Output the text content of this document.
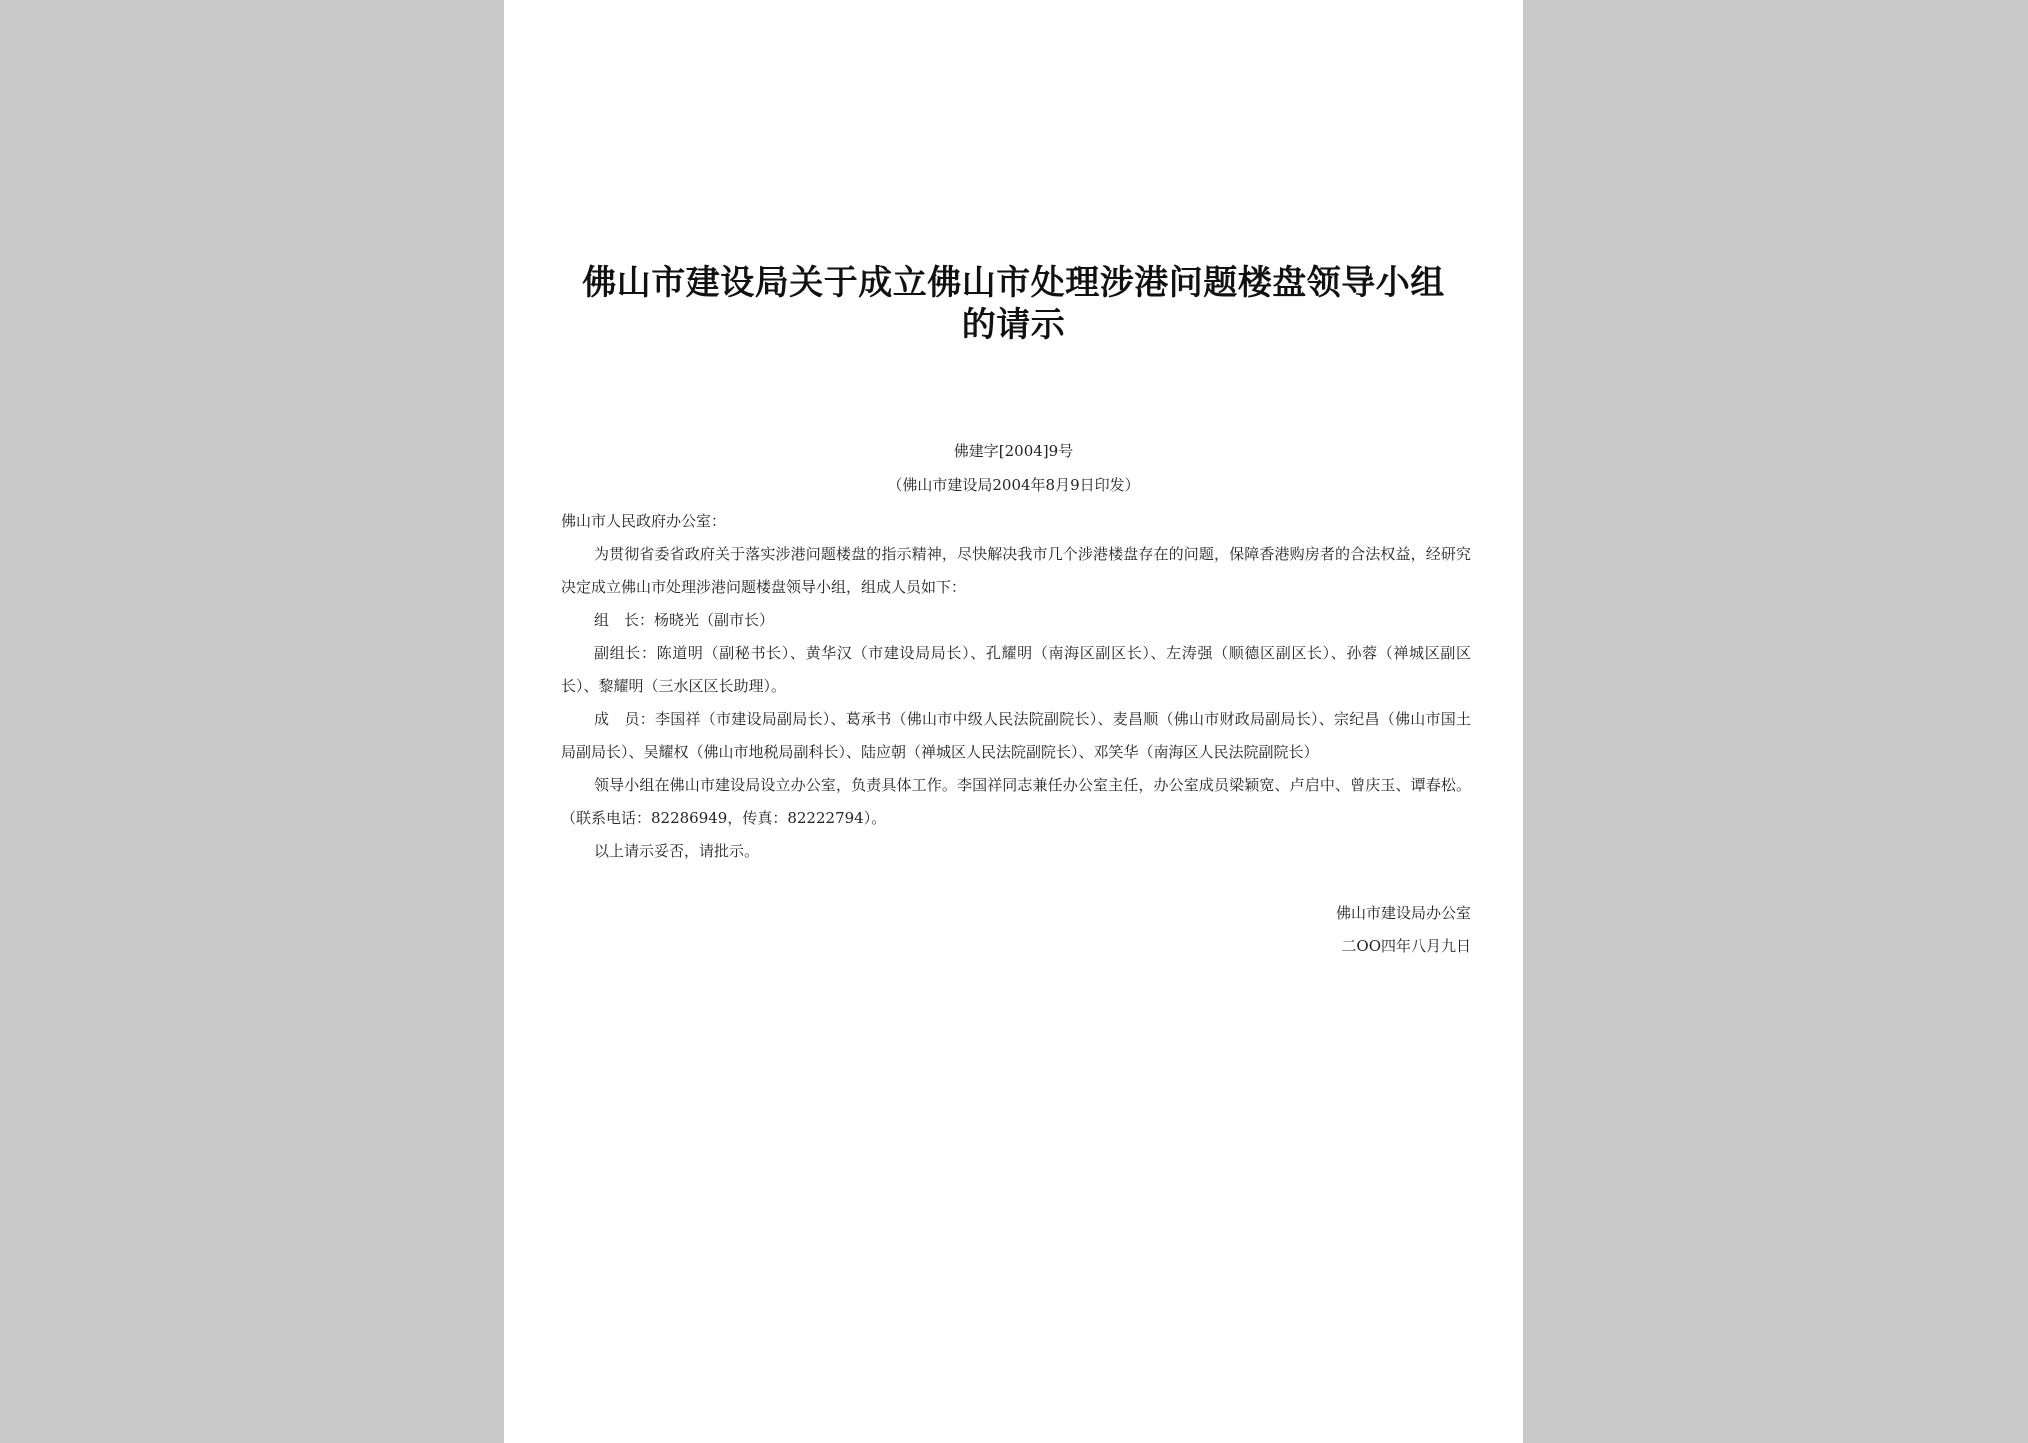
佛山市建设局关于成立佛山市处理涉港问题楼盘领导小组的请示
佛建字[2004]9号
（佛山市建设局2004年8月9日印发）

佛山市人民政府办公室：

为贯彻省委省政府关于落实涉港问题楼盘的指示精神，尽快解决我市几个涉港楼盘存在的问题，保障香港购房者的合法权益，经研究决定成立佛山市处理涉港问题楼盘领导小组，组成人员如下：

组　长：杨晓光（副市长）

副组长：陈道明（副秘书长）、黄华汉（市建设局局长）、孔耀明（南海区副区长）、左涛强（顺德区副区长）、孙蓉（禅城区副区长）、黎耀明（三水区区长助理）。

成　员：李国祥（市建设局副局长）、葛承书（佛山市中级人民法院副院长）、麦昌顺（佛山市财政局副局长）、宗纪昌（佛山市国土局副局长）、吴耀权（佛山市地税局副科长）、陆应朝（禅城区人民法院副院长）、邓笑华（南海区人民法院副院长）

领导小组在佛山市建设局设立办公室，负责具体工作。李国祥同志兼任办公室主任，办公室成员梁颖宽、卢启中、曾庆玉、谭春松。（联系电话：82286949，传真：82222794）。

以上请示妥否，请批示。

佛山市建设局办公室
二OO四年八月九日
